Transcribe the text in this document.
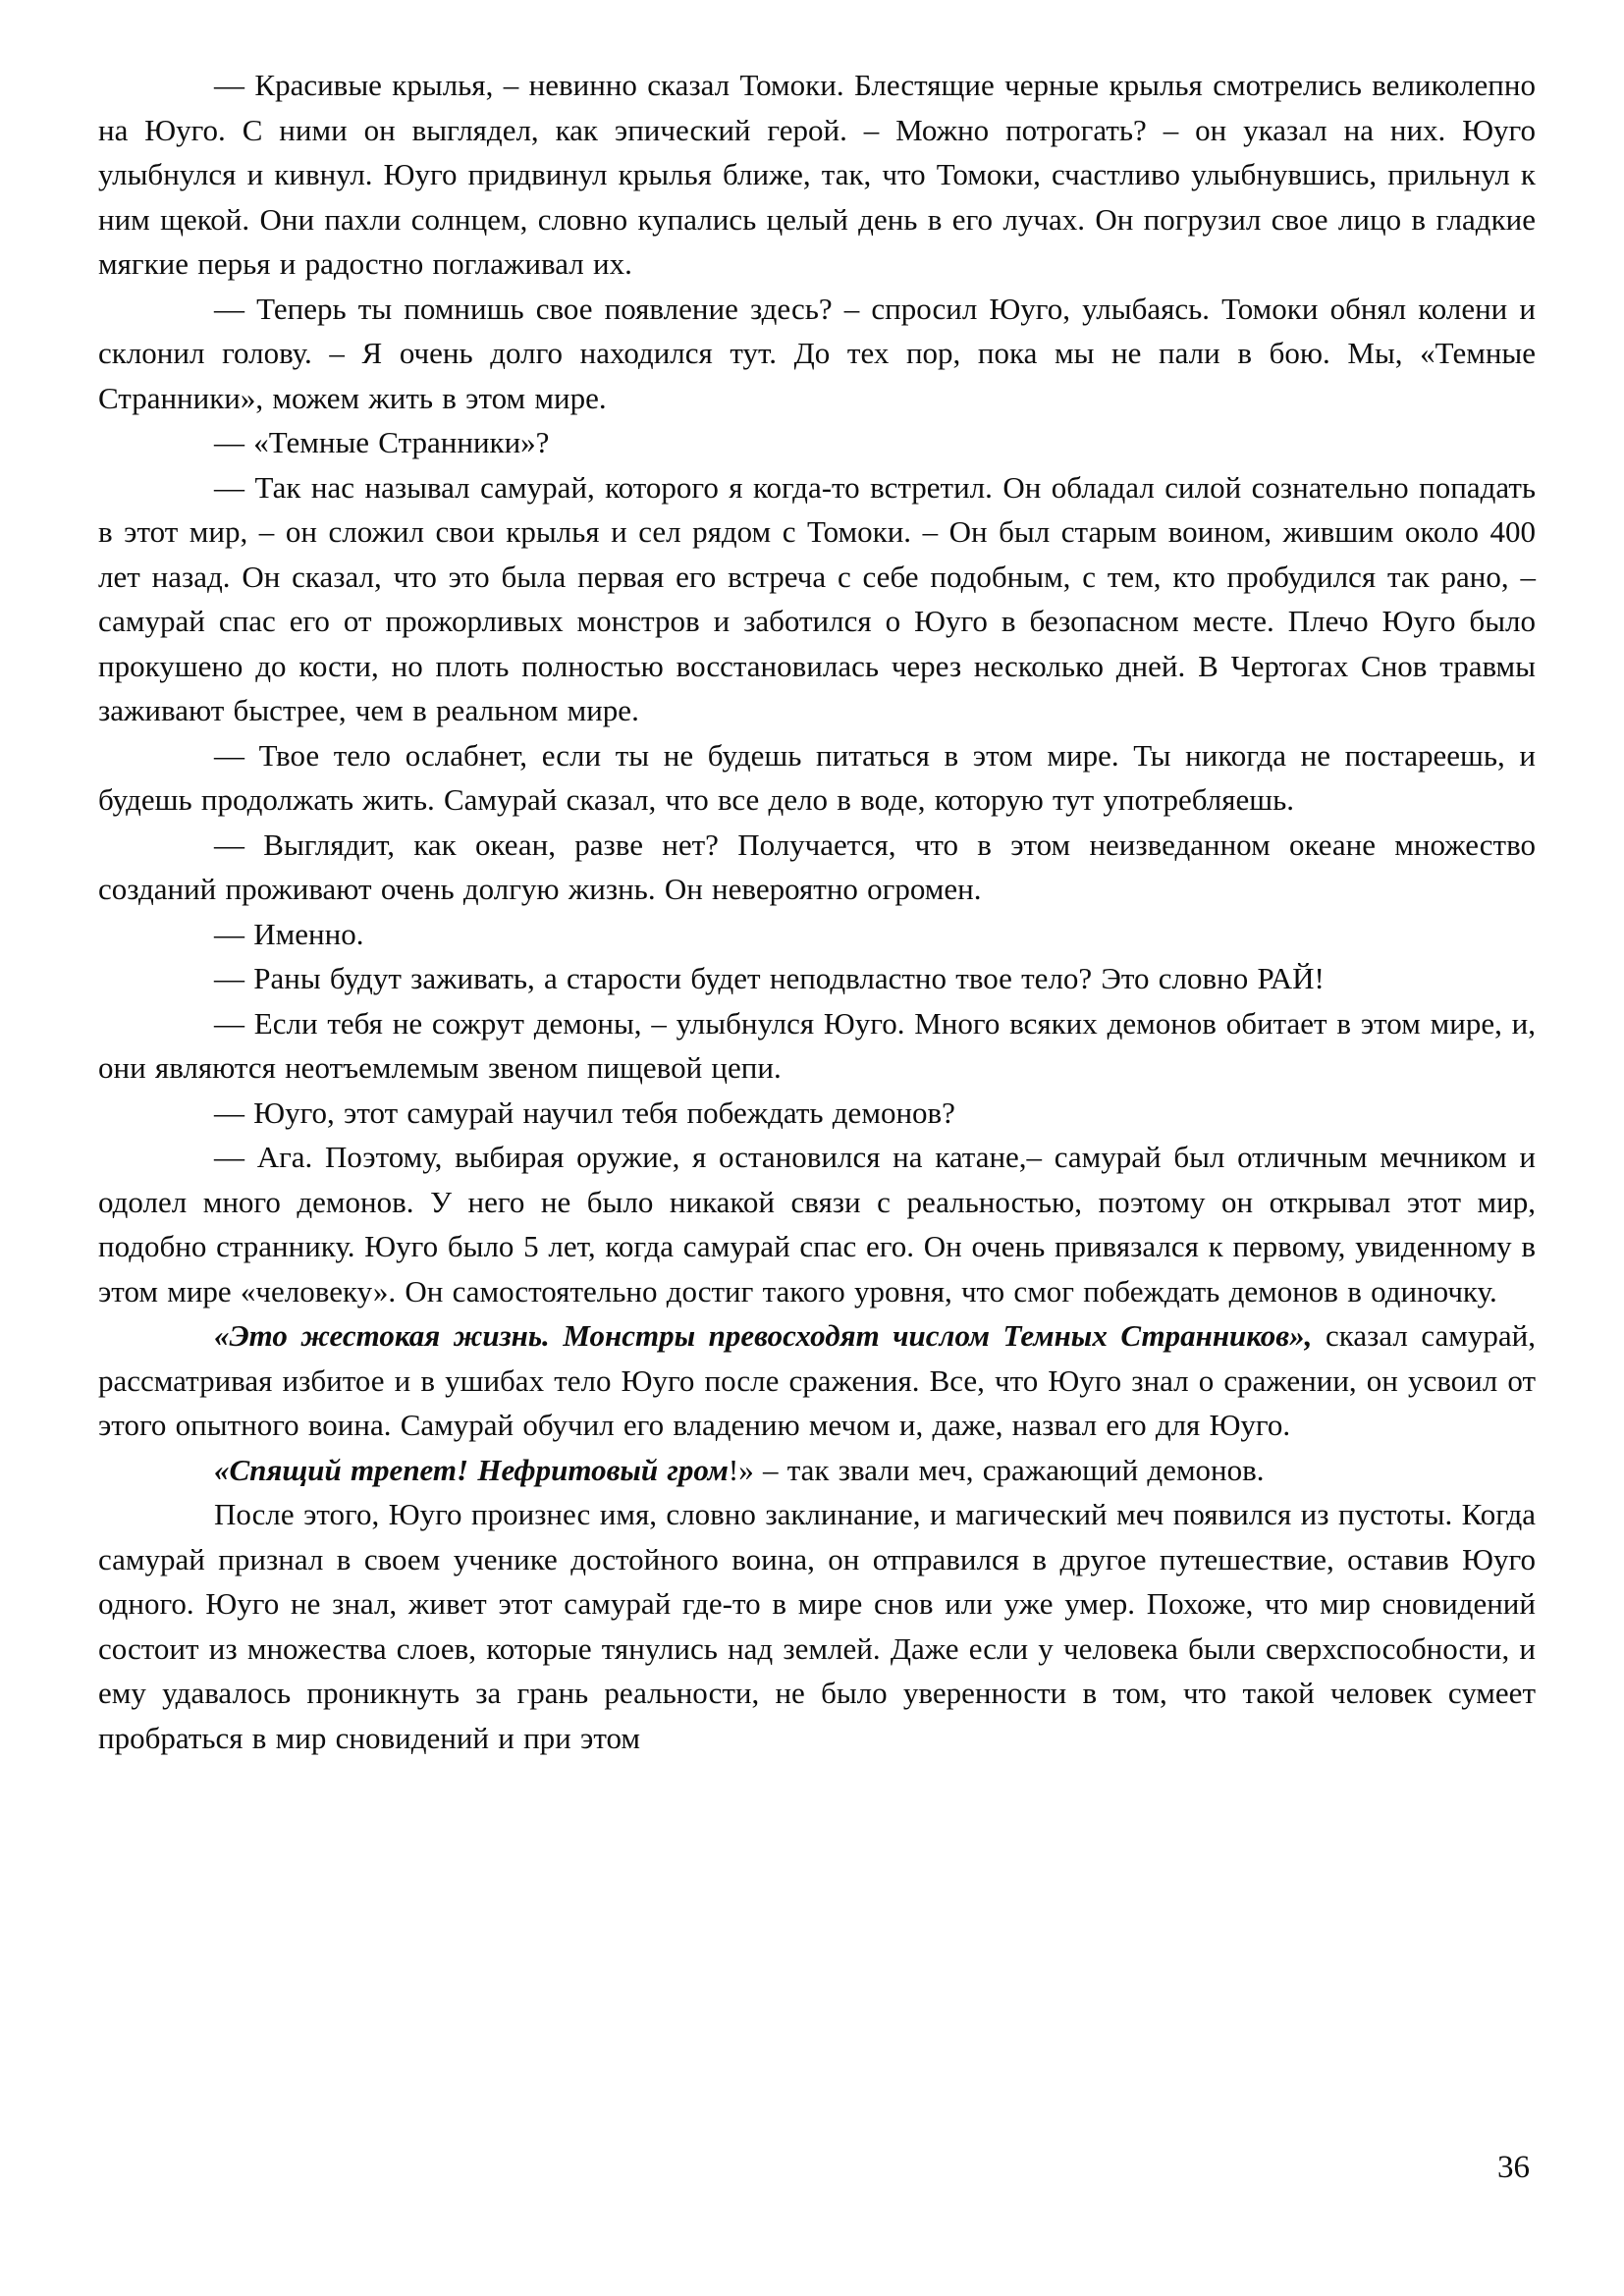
— Красивые крылья, – невинно сказал Томоки. Блестящие черные крылья смотрелись великолепно на Юуго. С ними он выглядел, как эпический герой. – Можно потрогать? – он указал на них. Юуго улыбнулся и кивнул. Юуго придвинул крылья ближе, так, что Томоки, счастливо улыбнувшись, прильнул к ним щекой. Они пахли солнцем, словно купались целый день в его лучах. Он погрузил свое лицо в гладкие мягкие перья и радостно поглаживал их.

— Теперь ты помнишь свое появление здесь? – спросил Юуго, улыбаясь. Томоки обнял колени и склонил голову. – Я очень долго находился тут. До тех пор, пока мы не пали в бою. Мы, «Темные Странники», можем жить в этом мире.

— «Темные Странники»?

— Так нас называл самурай, которого я когда-то встретил. Он обладал силой сознательно попадать в этот мир, – он сложил свои крылья и сел рядом с Томоки. – Он был старым воином, жившим около 400 лет назад. Он сказал, что это была первая его встреча с себе подобным, с тем, кто пробудился так рано, – самурай спас его от прожорливых монстров и заботился о Юуго в безопасном месте. Плечо Юуго было прокушено до кости, но плоть полностью восстановилась через несколько дней. В Чертогах Снов травмы заживают быстрее, чем в реальном мире.

— Твое тело ослабнет, если ты не будешь питаться в этом мире. Ты никогда не постареешь, и будешь продолжать жить. Самурай сказал, что все дело в воде, которую тут употребляешь.

— Выглядит, как океан, разве нет? Получается, что в этом неизведанном океане множество созданий проживают очень долгую жизнь. Он невероятно огромен.

— Именно.

— Раны будут заживать, а старости будет неподвластно твое тело? Это словно РАЙ!

— Если тебя не сожрут демоны, – улыбнулся Юуго. Много всяких демонов обитает в этом мире, и, они являются неотъемлемым звеном пищевой цепи.

— Юуго, этот самурай научил тебя побеждать демонов?

— Ага. Поэтому, выбирая оружие, я остановился на катане,– самурай был отличным мечником и одолел много демонов. У него не было никакой связи с реальностью, поэтому он открывал этот мир, подобно страннику. Юуго было 5 лет, когда самурай спас его. Он очень привязался к первому, увиденному в этом мире «человеку». Он самостоятельно достиг такого уровня, что смог побеждать демонов в одиночку.

«Это жестокая жизнь. Монстры превосходят числом Темных Странников», сказал самурай, рассматривая избитое и в ушибах тело Юуго после сражения. Все, что Юуго знал о сражении, он усвоил от этого опытного воина. Самурай обучил его владению мечом и, даже, назвал его для Юуго.

«Спящий трепет! Нефритовый гром!» – так звали меч, сражающий демонов.

После этого, Юуго произнес имя, словно заклинание, и магический меч появился из пустоты. Когда самурай признал в своем ученике достойного воина, он отправился в другое путешествие, оставив Юуго одного. Юуго не знал, живет этот самурай где-то в мире снов или уже умер. Похоже, что мир сновидений состоит из множества слоев, которые тянулись над землей. Даже если у человека были сверхспособности, и ему удавалось проникнуть за грань реальности, не было уверенности в том, что такой человек сумеет пробраться в мир сновидений и при этом

36
